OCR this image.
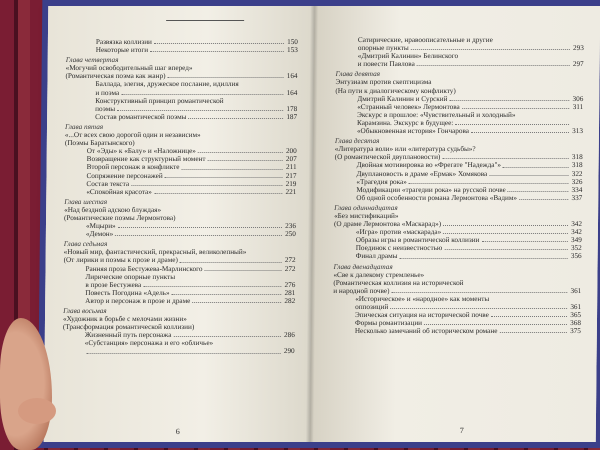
Развязка коллизии	150
Некоторые итоги	153
Глава четвертая
«Могучий освободительный шаг вперед»
(Романтическая поэма как жанр)	164
Баллада, элегия, дружеское послание, идиллия
и поэма	164
Конструктивный принцип романтической
поэмы	178
Состав романтической поэмы	187
Глава пятая
«...От всех свою дорогой один и независим»
(Поэмы Баратынского)
От «Эды» к «Балу» и «Наложнице»	200
Возвращение как структурный момент	207
Второй персонаж в конфликте	211
Сопряжение персонажей	217
Состав текста	219
«Спокойная красота»	221
Глава шестая
«Над бездной адскою блуждая»
(Романтические поэмы Лермонтова)
«Мцыри»	236
«Демон»	250
Глава седьмая
«Новый мир, фантастический, прекрасный, великолепный»
(От лирики и поэмы к прозе и драме)	272
Ранняя проза Бестужева-Марлинского	272
Лирические опорные пункты
в прозе Бестужева	276
Повесть Погодина «Адель»	281
Автор и персонаж в прозе и драме	282
Глава восьмая
«Художник в борьбе с мелочами жизни»
(Трансформация романтической коллизии)
Жизненный путь персонажа	286
«Субстанция» персонажа и его «обличье»
290
6
Сатирические, нравоописательные и другие
опорные пункты	293
«Дмитрий Калинин» Белинского
и повести Павлова	297
Глава девятая
Энтузиазм против скептицизма
(На пути к диалогическому конфликту)
Дмитрий Калинин и Сурский	306
«Странный человек» Лермонтова	311
Экскурс в прошлое: «Чувствительный и холодный»
Карамзина. Экскурс в будущее:
«Обыкновенная история» Гончарова	313
Глава десятая
«Литература воли» или «литература судьбы»?
(О романтической двуплановости)	318
Двойная мотивировка во «Фрегате "Надежда"»	318
Двуплановость в драме «Ермак» Хомякова	322
«Трагедия рока»	326
Модификации «трагедии рока» на русской почве	334
Об одной особенности романа Лермонтова «Вадим»	337
Глава одиннадцатая
«Без мистификаций»
(О драме Лермонтова «Маскарад»)	342
«Игра» против «маскарада»	342
Образы игры в романтической коллизии	349
Поединок с неизвестностью	352
Финал драмы	356
Глава двенадцатая
«Све к далекому стремленье»
(Романтическая коллизия на исторической
и народной почве)	361
«Историческое» и «народное» как моменты
оппозиций	361
Эпическая ситуация на исторической почве	365
Формы романтизации	368
Несколько замечаний об историческом романе	375
7
